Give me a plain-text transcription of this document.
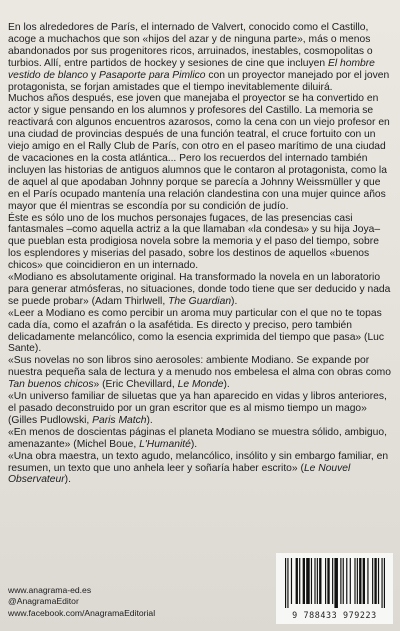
En los alrededores de París, el internado de Valvert, conocido como el Castillo, acoge a muchachos que son «hijos del azar y de ninguna parte», más o menos abandonados por sus progenitores ricos, arruinados, inestables, cosmopolitas o turbios. Allí, entre partidos de hockey y sesiones de cine que incluyen El hombre vestido de blanco y Pasaporte para Pimlico con un proyector manejado por el joven protagonista, se forjan amistades que el tiempo inevitablemente diluirá.

Muchos años después, ese joven que manejaba el proyector se ha convertido en actor y sigue pensando en los alumnos y profesores del Castillo. La memoria se reactivará con algunos encuentros azarosos, como la cena con un viejo profesor en una ciudad de provincias después de una función teatral, el cruce fortuito con un viejo amigo en el Rally Club de París, con otro en el paseo marítimo de una ciudad de vacaciones en la costa atlántica... Pero los recuerdos del internado también incluyen las historias de antiguos alumnos que le contaron al protagonista, como la de aquel al que apodaban Johnny porque se parecía a Johnny Weissmüller y que en el París ocupado mantenía una relación clandestina con una mujer quince años mayor que él mientras se escondía por su condición de judío.

Éste es sólo uno de los muchos personajes fugaces, de las presencias casi fantasmales –como aquella actriz a la que llamaban «la condesa» y su hija Joya– que pueblan esta prodigiosa novela sobre la memoria y el paso del tiempo, sobre los esplendores y miserias del pasado, sobre los destinos de aquellos «buenos chicos» que coincidieron en un internado.

«Modiano es absolutamente original. Ha transformado la novela en un laboratorio para generar atmósferas, no situaciones, donde todo tiene que ser deducido y nada se puede probar» (Adam Thirlwell, The Guardian).

«Leer a Modiano es como percibir un aroma muy particular con el que no te topas cada día, como el azafrán o la asafétida. Es directo y preciso, pero también delicadamente melancólico, como la esencia exprimida del tiempo que pasa» (Luc Sante).

«Sus novelas no son libros sino aerosoles: ambiente Modiano. Se expande por nuestra pequeña sala de lectura y a menudo nos embelesa el alma con obras como Tan buenos chicos» (Eric Chevillard, Le Monde).

«Un universo familiar de siluetas que ya han aparecido en vidas y libros anteriores, el pasado deconstruido por un gran escritor que es al mismo tiempo un mago» (Gilles Pudlowski, Paris Match).

«En menos de doscientas páginas el planeta Modiano se muestra sólido, ambiguo, amenazante» (Michel Boue, L'Humanité).

«Una obra maestra, un texto agudo, melancólico, insólito y sin embargo familiar, en resumen, un texto que uno anhela leer y soñaría haber escrito» (Le Nouvel Observateur).

www.anagrama-ed.es
@AnagramaEditor
www.facebook.com/AnagramaEditorial	9 788433 979223
